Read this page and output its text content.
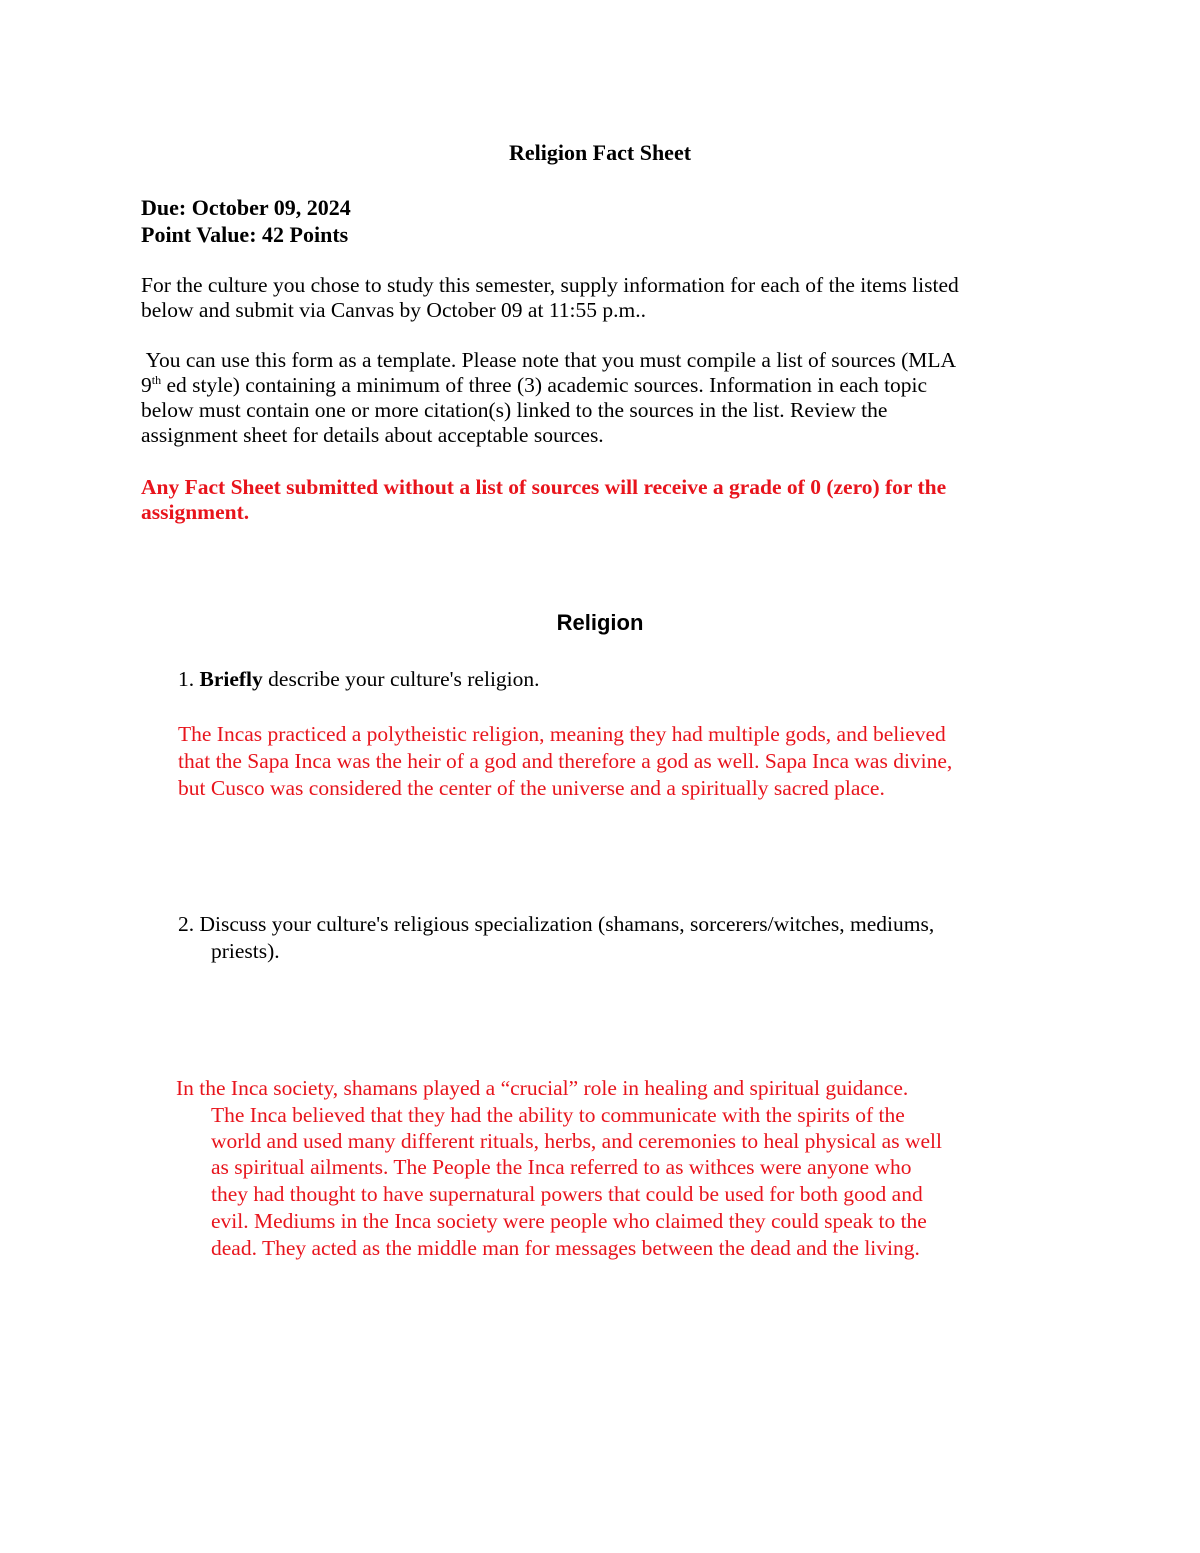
Religion Fact Sheet
Due: October 09, 2024
Point Value: 42 Points
For the culture you chose to study this semester, supply information for each of the items listed
below and submit via Canvas by October 09 at 11:55 p.m..
You can use this form as a template. Please note that you must compile a list of sources (MLA
9th ed style) containing a minimum of three (3) academic sources. Information in each topic
below must contain one or more citation(s) linked to the sources in the list. Review the
assignment sheet for details about acceptable sources.
Any Fact Sheet submitted without a list of sources will receive a grade of 0 (zero) for the
assignment.
Religion
1. Briefly describe your culture's religion.
The Incas practiced a polytheistic religion, meaning they had multiple gods, and believed
that the Sapa Inca was the heir of a god and therefore a god as well. Sapa Inca was divine,
but Cusco was considered the center of the universe and a spiritually sacred place.
2. Discuss your culture's religious specialization (shamans, sorcerers/witches, mediums,
priests).
In the Inca society, shamans played a “crucial” role in healing and spiritual guidance.
The Inca believed that they had the ability to communicate with the spirits of the
world and used many different rituals, herbs, and ceremonies to heal physical as well
as spiritual ailments. The People the Inca referred to as withces were anyone who
they had thought to have supernatural powers that could be used for both good and
evil. Mediums in the Inca society were people who claimed they could speak to the
dead. They acted as the middle man for messages between the dead and the living.
